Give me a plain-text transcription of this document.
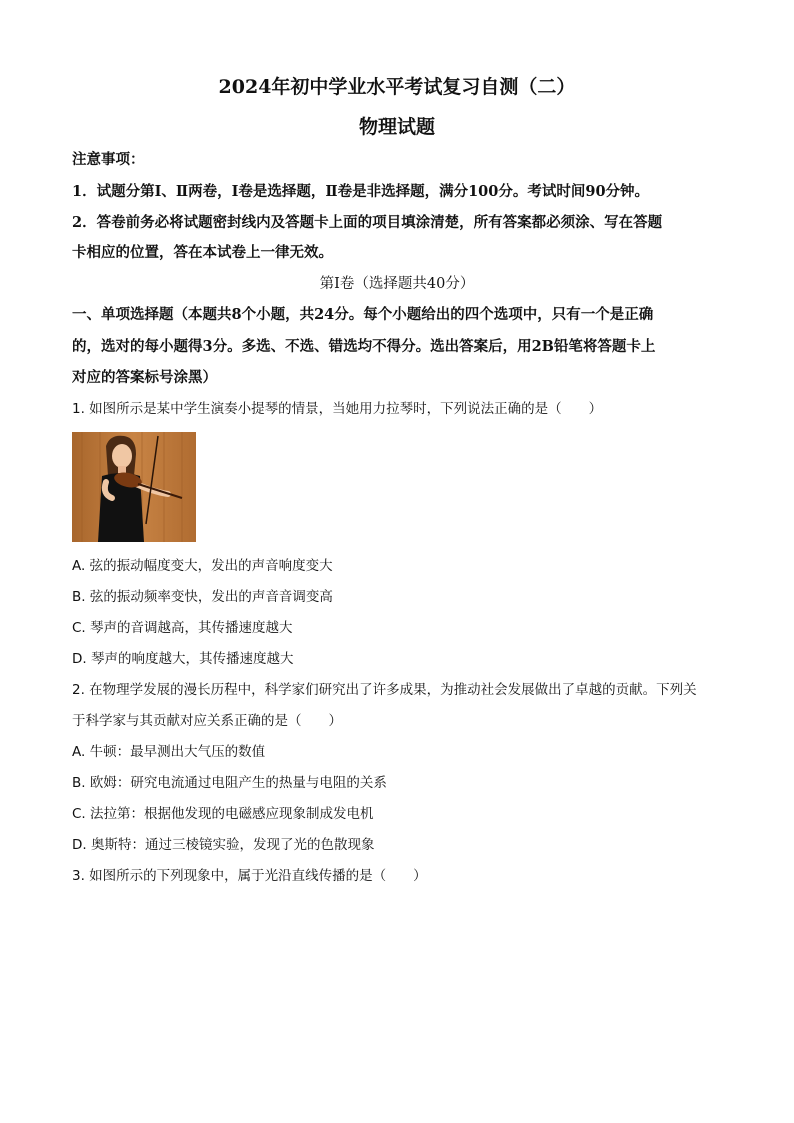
2024年初中学业水平考试复习自测（二）
物理试题
注意事项：
1．试题分第Ⅰ、Ⅱ两卷，Ⅰ卷是选择题，Ⅱ卷是非选择题，满分100分。考试时间90分钟。
2．答卷前务必将试题密封线内及答题卡上面的项目填涂清楚，所有答案都必须涂、写在答题
卡相应的位置，答在本试卷上一律无效。
第Ⅰ卷（选择题共40分）
一、单项选择题（本题共8个小题，共24分。每个小题给出的四个选项中，只有一个是正确
的，选对的每小题得3分。多选、不选、错选均不得分。选出答案后，用2B铅笔将答题卡上
对应的答案标号涂黑）
1. 如图所示是某中学生演奏小提琴的情景，当她用力拉琴时，下列说法正确的是（　　）
A. 弦的振动幅度变大，发出的声音响度变大
B. 弦的振动频率变快，发出的声音音调变高
C. 琴声的音调越高，其传播速度越大
D. 琴声的响度越大，其传播速度越大
2. 在物理学发展的漫长历程中，科学家们研究出了许多成果，为推动社会发展做出了卓越的贡献。下列关
于科学家与其贡献对应关系正确的是（　　）
A. 牛顿：最早测出大气压的数值
B. 欧姆：研究电流通过电阻产生的热量与电阻的关系
C. 法拉第：根据他发现的电磁感应现象制成发电机
D. 奥斯特：通过三棱镜实验，发现了光的色散现象
3. 如图所示的下列现象中，属于光沿直线传播的是（　　）
